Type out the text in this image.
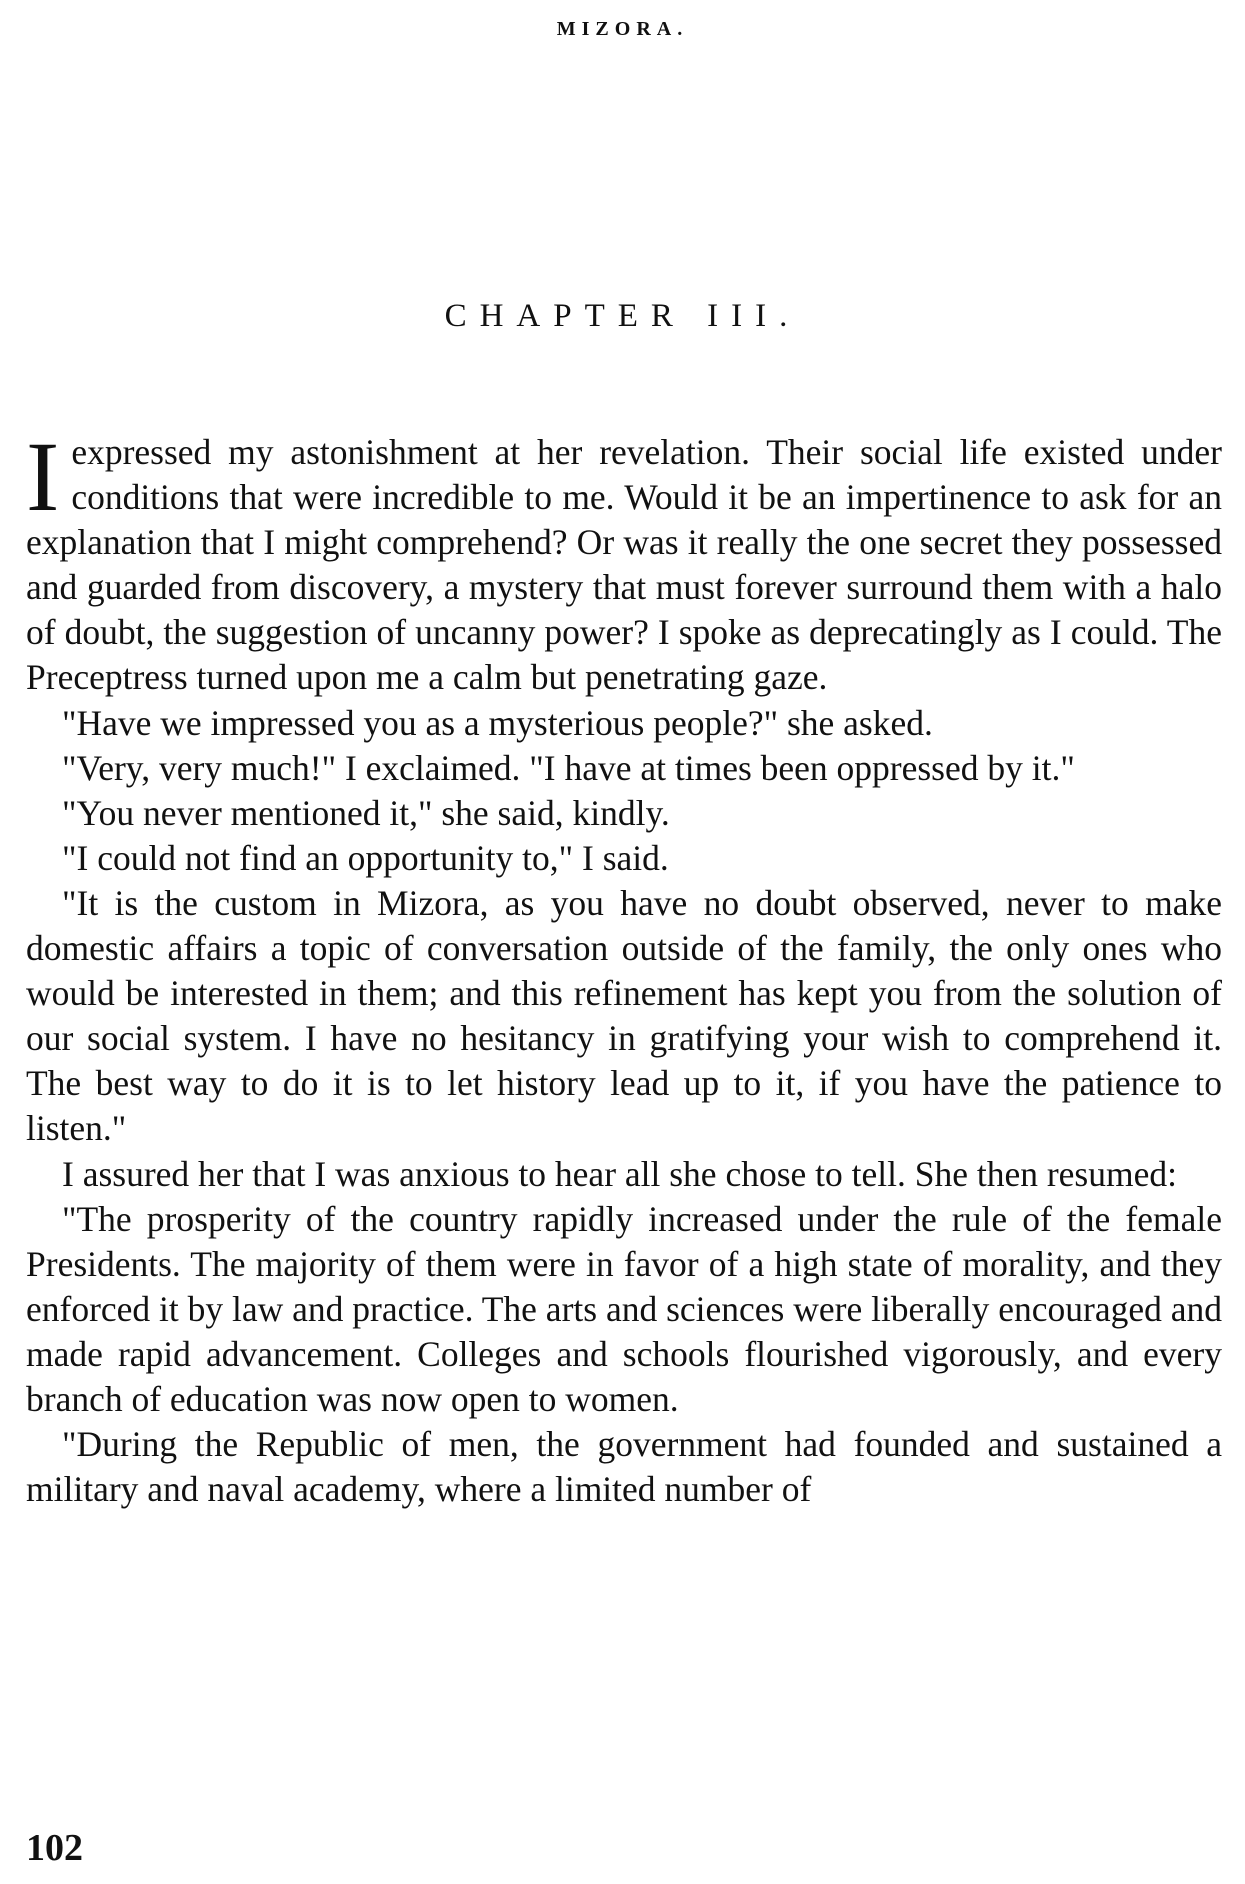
MIZORA.
CHAPTER III.

I expressed my astonishment at her revelation. Their social life existed under conditions that were incredible to me. Would it be an impertinence to ask for an explanation that I might comprehend? Or was it really the one secret they possessed and guarded from discovery, a mystery that must forever surround them with a halo of doubt, the suggestion of uncanny power? I spoke as deprecatingly as I could. The Preceptress turned upon me a calm but penetrating gaze.

"Have we impressed you as a mysterious people?" she asked.

"Very, very much!" I exclaimed. "I have at times been oppressed by it."

"You never mentioned it," she said, kindly.

"I could not find an opportunity to," I said.

"It is the custom in Mizora, as you have no doubt observed, never to make domestic affairs a topic of conversation outside of the family, the only ones who would be interested in them; and this refinement has kept you from the solution of our social system. I have no hesitancy in gratifying your wish to comprehend it. The best way to do it is to let history lead up to it, if you have the patience to listen."

I assured her that I was anxious to hear all she chose to tell. She then resumed:

"The prosperity of the country rapidly increased under the rule of the female Presidents. The majority of them were in favor of a high state of morality, and they enforced it by law and practice. The arts and sciences were liberally encouraged and made rapid advancement. Colleges and schools flourished vigorously, and every branch of education was now open to women.

"During the Republic of men, the government had founded and sustained a military and naval academy, where a limited number of

102
